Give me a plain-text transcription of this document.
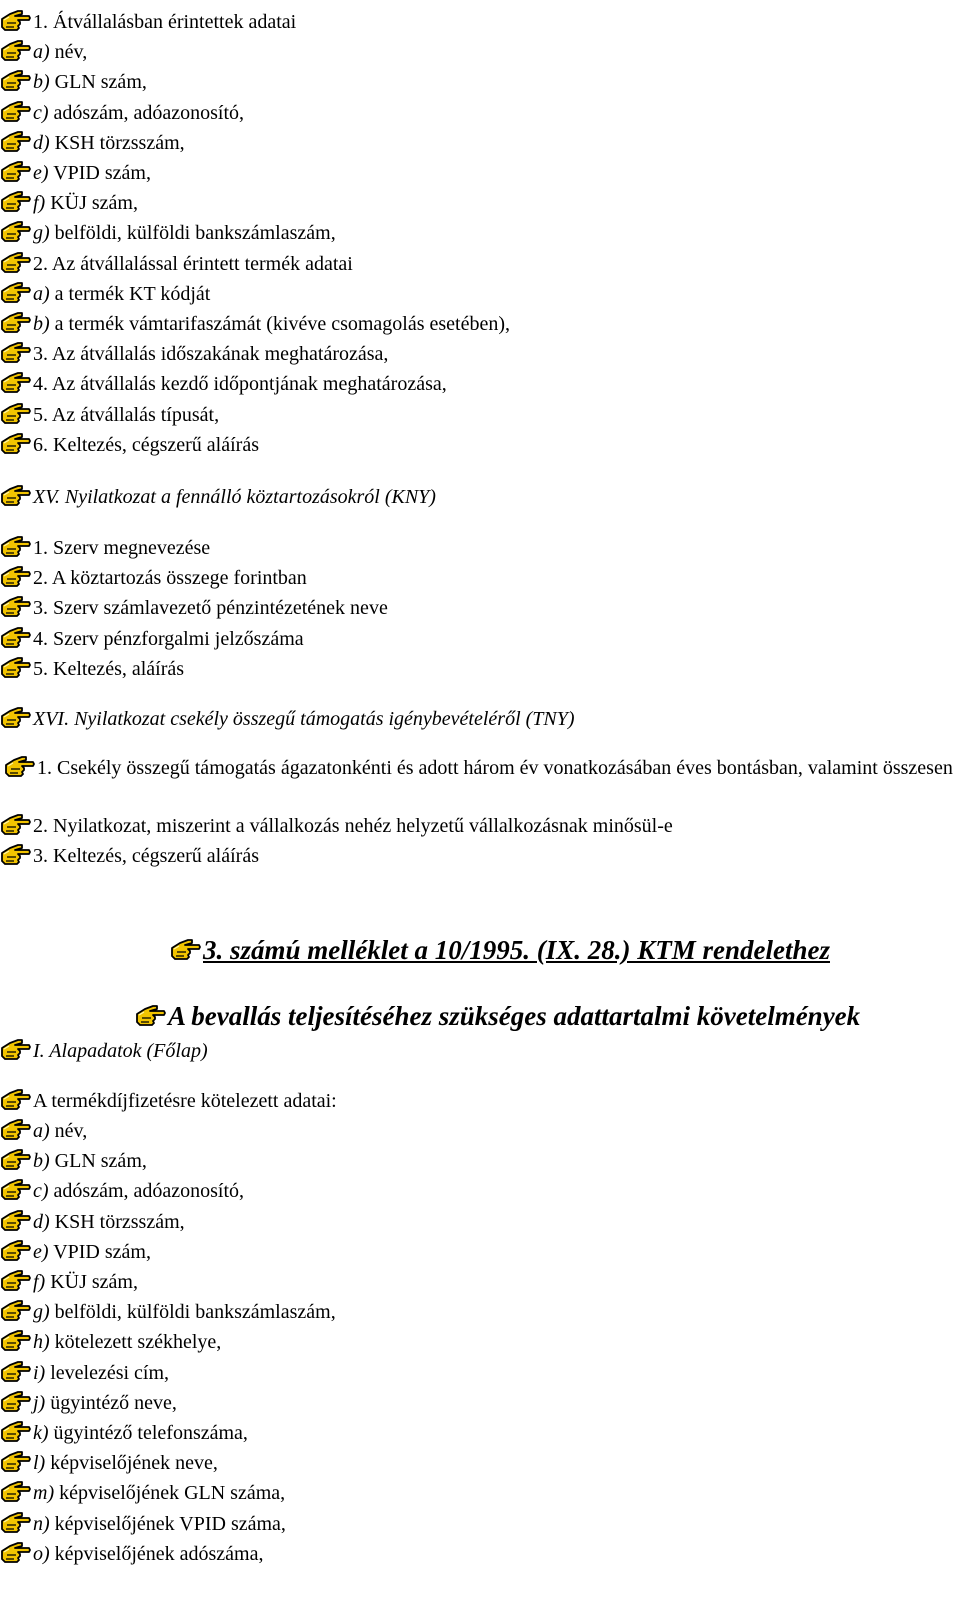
3. számú melléklet a 10/1995. (IX. 28.) KTM rendelethez
A bevallás teljesítéséhez szükséges adattartalmi követelmények
1. Átvállalásban érintettek adatai
a) név,
b) GLN szám,
c) adószám, adóazonosító,
d) KSH törzsszám,
e) VPID szám,
f) KÜJ szám,
g) belföldi, külföldi bankszámlaszám,
2. Az átvállalással érintett termék adatai
a) a termék KT kódját
b) a termék vámtarifaszámát (kivéve csomagolás esetében),
3. Az átvállalás időszakának meghatározása,
4. Az átvállalás kezdő időpontjának meghatározása,
5. Az átvállalás típusát,
6. Keltezés, cégszerű aláírás
XV. Nyilatkozat a fennálló köztartozásokról (KNY)
1. Szerv megnevezése
2. A köztartozás összege forintban
3. Szerv számlavezető pénzintézetének neve
4. Szerv pénzforgalmi jelzőszáma
5. Keltezés, aláírás
XVI. Nyilatkozat csekély összegű támogatás igénybevételéről (TNY)
1. Csekély összegű támogatás ágazatonkénti és adott három év vonatkozásában éves bontásban, valamint összesen
2. Nyilatkozat, miszerint a vállalkozás nehéz helyzetű vállalkozásnak minősül-e
3. Keltezés, cégszerű aláírás
I. Alapadatok (Főlap)
A termékdíjfizetésre kötelezett adatai:
a) név,
b) GLN szám,
c) adószám, adóazonosító,
d) KSH törzsszám,
e) VPID szám,
f) KÜJ szám,
g) belföldi, külföldi bankszámlaszám,
h) kötelezett székhelye,
i) levelezési cím,
j) ügyintéző neve,
k) ügyintéző telefonszáma,
l) képviselőjének neve,
m) képviselőjének GLN száma,
n) képviselőjének VPID száma,
o) képviselőjének adószáma,
